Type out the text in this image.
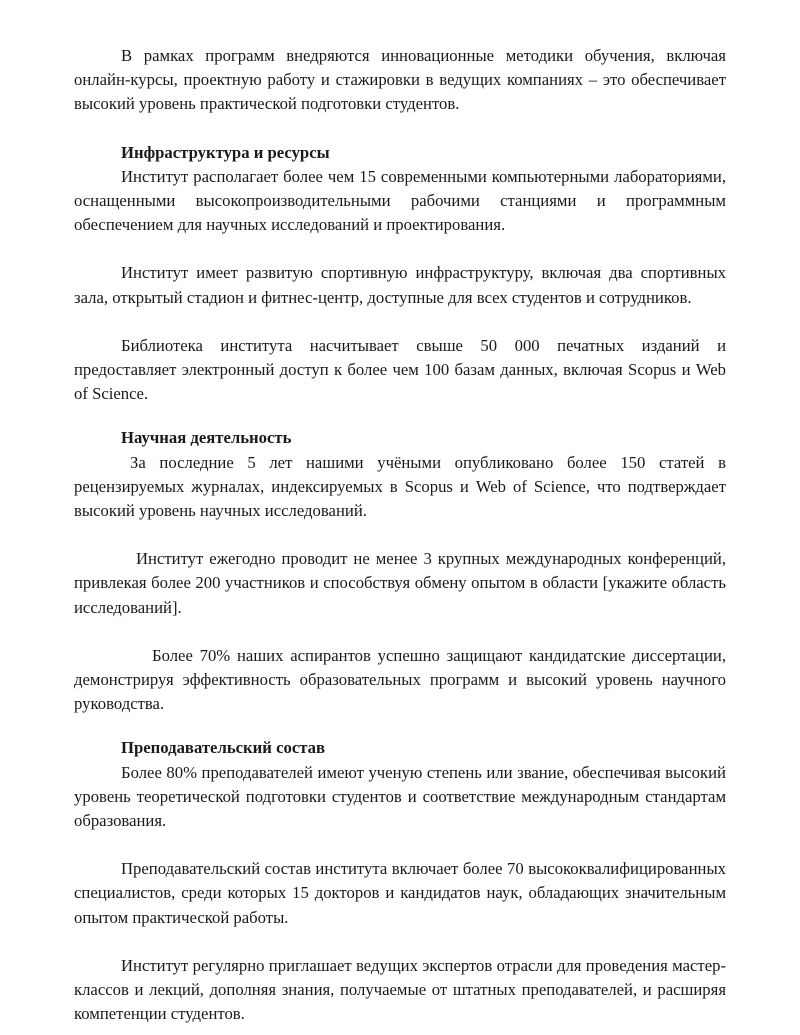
В рамках программ внедряются инновационные методики обучения, включая онлайн-курсы, проектную работу и стажировки в ведущих компаниях – это обеспечивает высокий уровень практической подготовки студентов.

Инфраструктура и ресурсы

Институт располагает более чем 15 современными компьютерными лабораториями, оснащенными высокопроизводительными рабочими станциями и программным обеспечением для научных исследований и проектирования.

Институт имеет развитую спортивную инфраструктуру, включая два спортивных зала, открытый стадион и фитнес-центр, доступные для всех студентов и сотрудников.

Библиотека института насчитывает свыше 50 000 печатных изданий и предоставляет электронный доступ к более чем 100 базам данных, включая Scopus и Web of Science.

Научная деятельность

За последние 5 лет нашими учёными опубликовано более 150 статей в рецензируемых журналах, индексируемых в Scopus и Web of Science, что подтверждает высокий уровень научных исследований.

Институт ежегодно проводит не менее 3 крупных международных конференций, привлекая более 200 участников и способствуя обмену опытом в области [укажите область исследований].

Более 70% наших аспирантов успешно защищают кандидатские диссертации, демонстрируя эффективность образовательных программ и высокий уровень научного руководства.

Преподавательский состав

Более 80% преподавателей имеют ученую степень или звание, обеспечивая высокий уровень теоретической подготовки студентов и соответствие международным стандартам образования.

Преподавательский состав института включает более 70 высококвалифицированных специалистов, среди которых 15 докторов и кандидатов наук, обладающих значительным опытом практической работы.

Институт регулярно приглашает ведущих экспертов отрасли для проведения мастер-классов и лекций, дополняя знания, получаемые от штатных преподавателей, и расширяя компетенции студентов.
